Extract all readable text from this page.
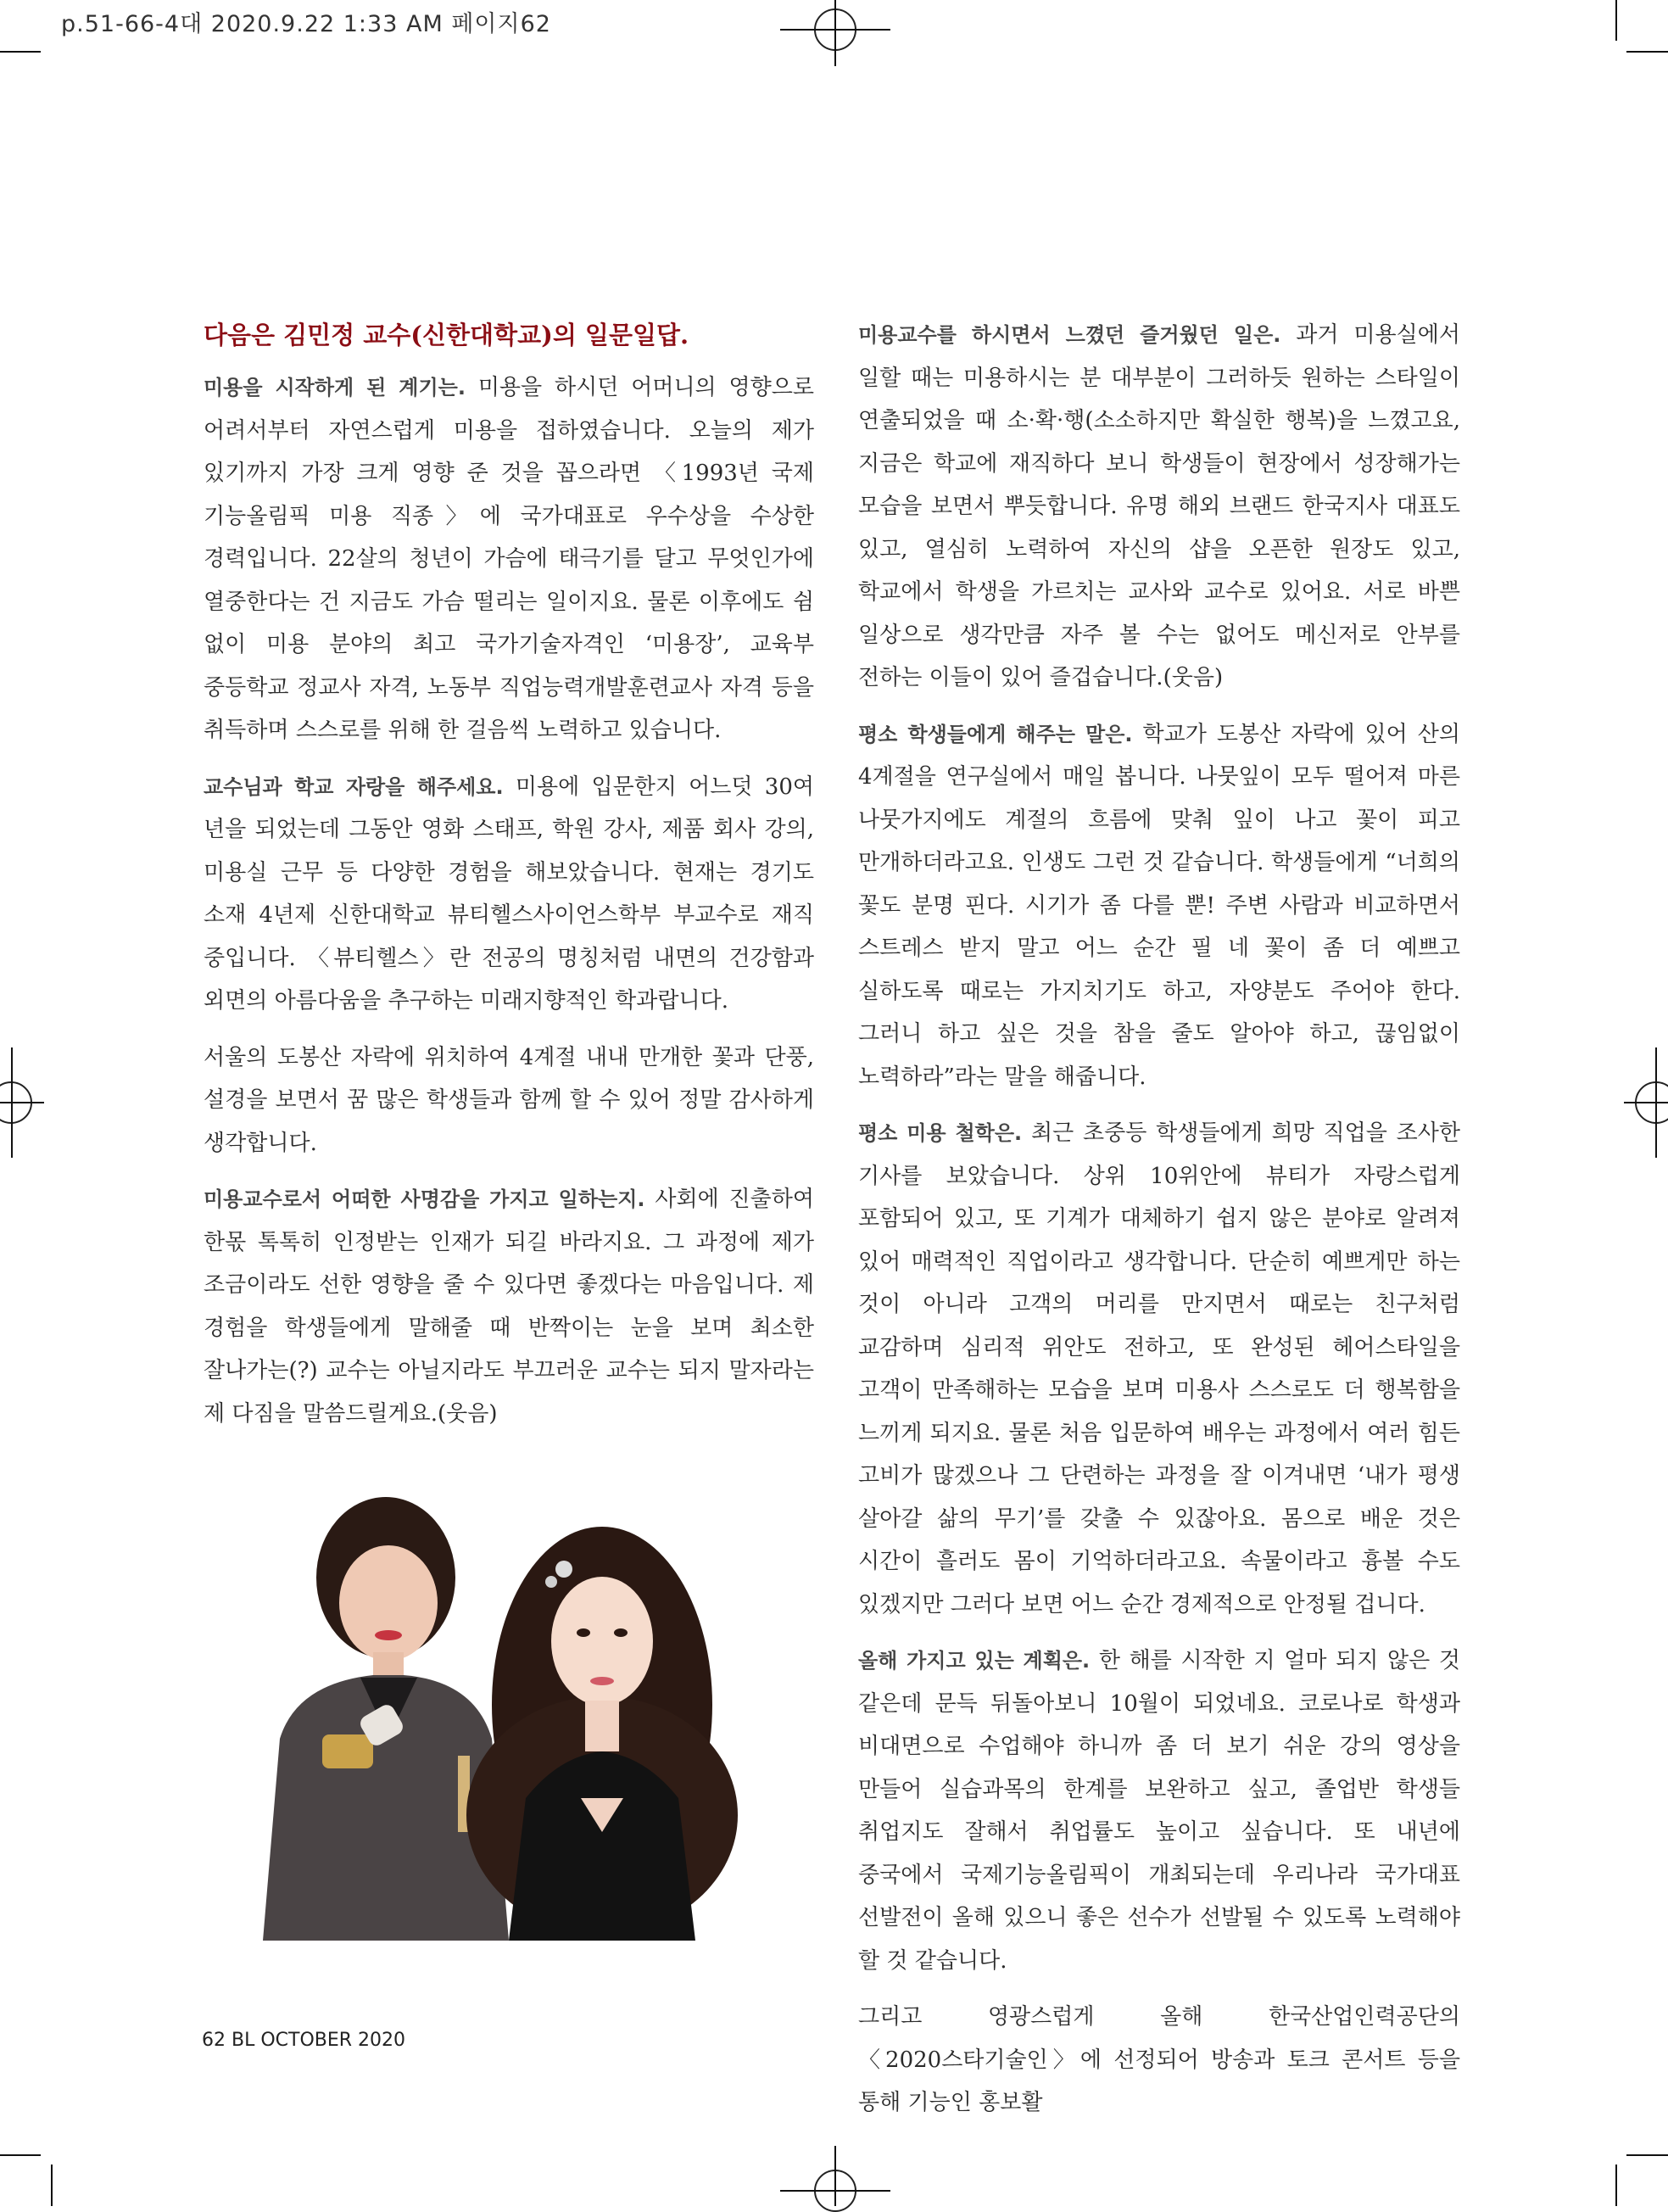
p.51-66-4대 2020.9.22 1:33 AM 페이지62

다음은 김민정 교수(신한대학교)의 일문일답.

미용을 시작하게 된 계기는. 미용을 하시던 어머니의 영향으로 어려서부터 자연스럽게 미용을 접하였습니다. 오늘의 제가 있기까지 가장 크게 영향 준 것을 꼽으라면 〈1993년 국제 기능올림픽 미용 직종〉에 국가대표로 우수상을 수상한 경력입니다. 22살의 청년이 가슴에 태극기를 달고 무엇인가에 열중한다는 건 지금도 가슴 떨리는 일이지요. 물론 이후에도 쉼 없이 미용 분야의 최고 국가기술자격인 ‘미용장’, 교육부 중등학교 정교사 자격, 노동부 직업능력개발훈련교사 자격 등을 취득하며 스스로를 위해 한 걸음씩 노력하고 있습니다.

교수님과 학교 자랑을 해주세요. 미용에 입문한지 어느덧 30여 년을 되었는데 그동안 영화 스태프, 학원 강사, 제품 회사 강의, 미용실 근무 등 다양한 경험을 해보았습니다. 현재는 경기도 소재 4년제 신한대학교 뷰티헬스사이언스학부 부교수로 재직 중입니다. 〈뷰티헬스〉란 전공의 명칭처럼 내면의 건강함과 외면의 아름다움을 추구하는 미래지향적인 학과랍니다.

서울의 도봉산 자락에 위치하여 4계절 내내 만개한 꽃과 단풍, 설경을 보면서 꿈 많은 학생들과 함께 할 수 있어 정말 감사하게 생각합니다.

미용교수로서 어떠한 사명감을 가지고 일하는지. 사회에 진출하여 한몫 톡톡히 인정받는 인재가 되길 바라지요. 그 과정에 제가 조금이라도 선한 영향을 줄 수 있다면 좋겠다는 마음입니다. 제 경험을 학생들에게 말해줄 때 반짝이는 눈을 보며 최소한 잘나가는(?) 교수는 아닐지라도 부끄러운 교수는 되지 말자라는 제 다짐을 말씀드릴게요.(웃음)

미용교수를 하시면서 느꼈던 즐거웠던 일은. 과거 미용실에서 일할 때는 미용하시는 분 대부분이 그러하듯 원하는 스타일이 연출되었을 때 소·확·행(소소하지만 확실한 행복)을 느꼈고요, 지금은 학교에 재직하다 보니 학생들이 현장에서 성장해가는 모습을 보면서 뿌듯합니다. 유명 해외 브랜드 한국지사 대표도 있고, 열심히 노력하여 자신의 샵을 오픈한 원장도 있고, 학교에서 학생을 가르치는 교사와 교수로 있어요. 서로 바쁜 일상으로 생각만큼 자주 볼 수는 없어도 메신저로 안부를 전하는 이들이 있어 즐겁습니다.(웃음)

평소 학생들에게 해주는 말은. 학교가 도봉산 자락에 있어 산의 4계절을 연구실에서 매일 봅니다. 나뭇잎이 모두 떨어져 마른 나뭇가지에도 계절의 흐름에 맞춰 잎이 나고 꽃이 피고 만개하더라고요. 인생도 그런 것 같습니다. 학생들에게 “너희의 꽃도 분명 핀다. 시기가 좀 다를 뿐! 주변 사람과 비교하면서 스트레스 받지 말고 어느 순간 필 네 꽃이 좀 더 예쁘고 실하도록 때로는 가지치기도 하고, 자양분도 주어야 한다. 그러니 하고 싶은 것을 참을 줄도 알아야 하고, 끊임없이 노력하라”라는 말을 해줍니다.

평소 미용 철학은. 최근 초중등 학생들에게 희망 직업을 조사한 기사를 보았습니다. 상위 10위안에 뷰티가 자랑스럽게 포함되어 있고, 또 기계가 대체하기 쉽지 않은 분야로 알려져 있어 매력적인 직업이라고 생각합니다. 단순히 예쁘게만 하는 것이 아니라 고객의 머리를 만지면서 때로는 친구처럼 교감하며 심리적 위안도 전하고, 또 완성된 헤어스타일을 고객이 만족해하는 모습을 보며 미용사 스스로도 더 행복함을 느끼게 되지요. 물론 처음 입문하여 배우는 과정에서 여러 힘든 고비가 많겠으나 그 단련하는 과정을 잘 이겨내면 ‘내가 평생 살아갈 삶의 무기’를 갖출 수 있잖아요. 몸으로 배운 것은 시간이 흘러도 몸이 기억하더라고요. 속물이라고 흉볼 수도 있겠지만 그러다 보면 어느 순간 경제적으로 안정될 겁니다.

올해 가지고 있는 계획은. 한 해를 시작한 지 얼마 되지 않은 것 같은데 문득 뒤돌아보니 10월이 되었네요. 코로나로 학생과 비대면으로 수업해야 하니까 좀 더 보기 쉬운 강의 영상을 만들어 실습과목의 한계를 보완하고 싶고, 졸업반 학생들 취업지도 잘해서 취업률도 높이고 싶습니다. 또 내년에 중국에서 국제기능올림픽이 개최되는데 우리나라 국가대표 선발전이 올해 있으니 좋은 선수가 선발될 수 있도록 노력해야 할 것 같습니다.

그리고 영광스럽게 올해 한국산업인력공단의 〈2020스타기술인〉에 선정되어 방송과 토크 콘서트 등을 통해 기능인 홍보활

62 BL OCTOBER 2020
